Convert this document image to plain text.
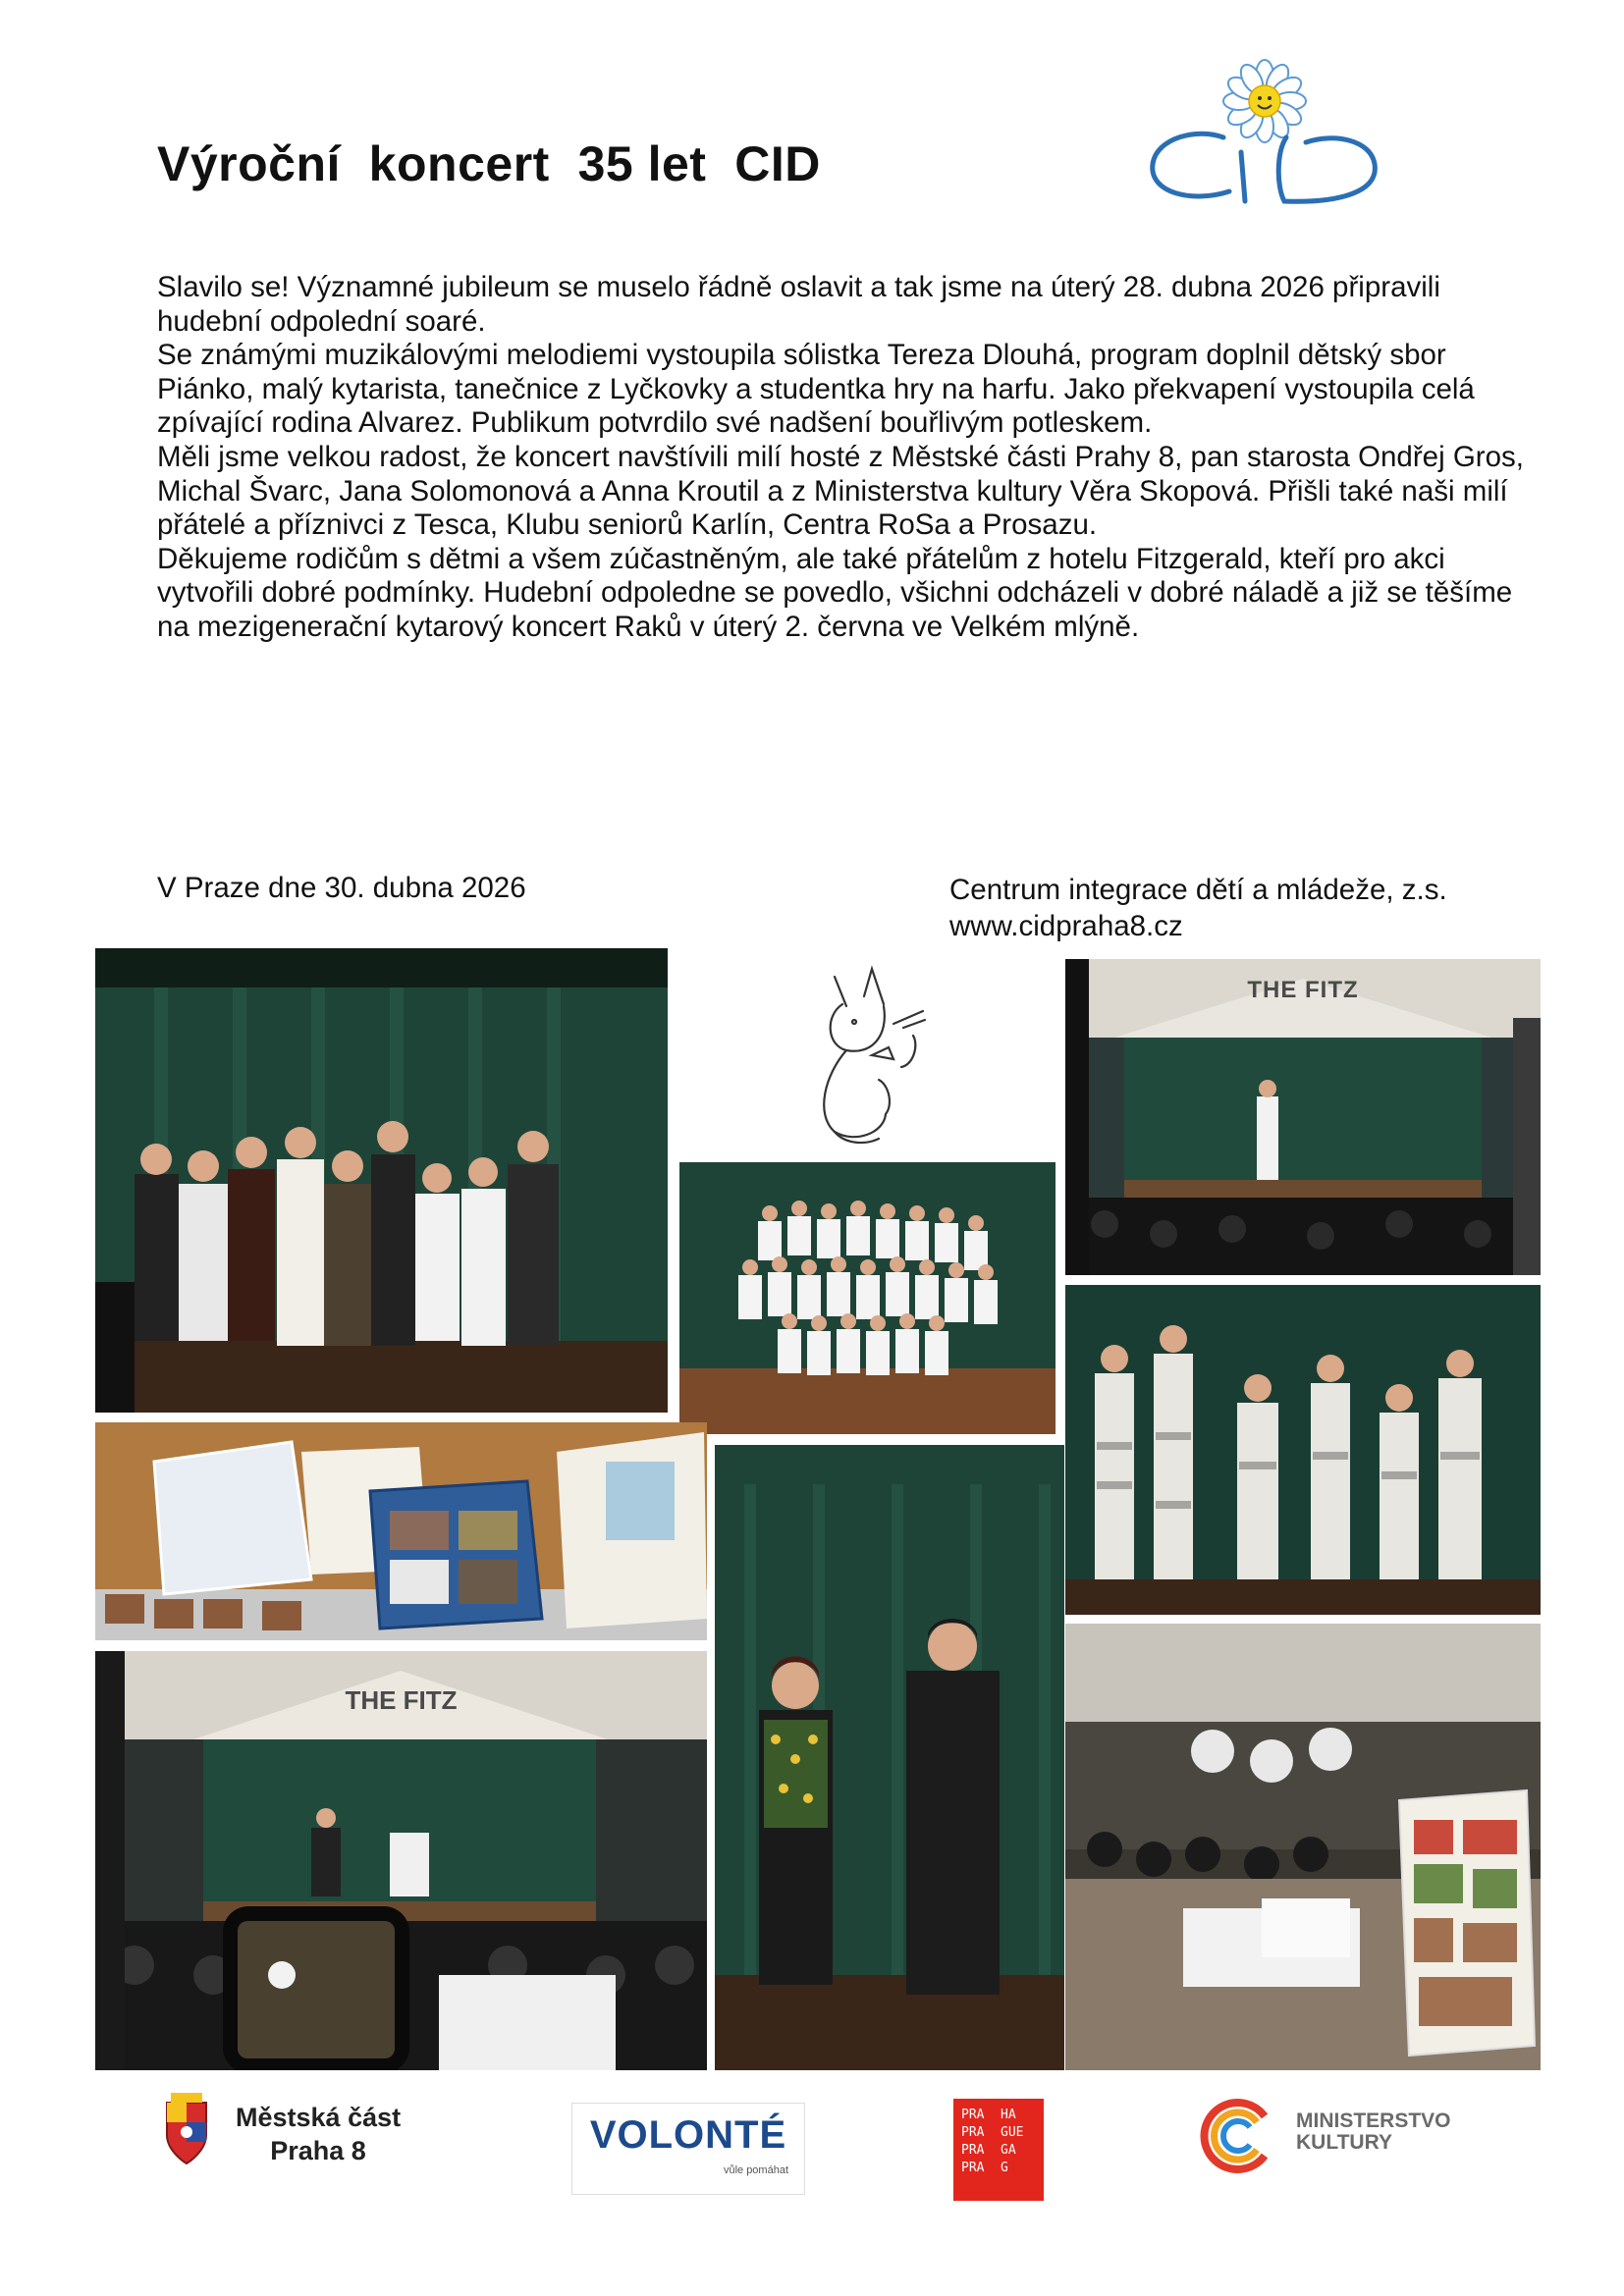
Výroční  koncert  35 let  CID

Slavilo se! Významné jubileum se muselo řádně oslavit a tak jsme na úterý 28. dubna 2026 připravili hudební odpolední soaré.

Se známými muzikálovými melodiemi vystoupila sólistka Tereza Dlouhá, program doplnil dětský sbor Piánko, malý kytarista, tanečnice z Lyčkovky a studentka hry na harfu. Jako překvapení vystoupila celá zpívající rodina Alvarez. Publikum potvrdilo své nadšení bouřlivým potleskem.

Měli jsme velkou radost, že koncert navštívili milí hosté z Městské části Prahy 8, pan starosta Ondřej Gros, Michal Švarc, Jana Solomonová a Anna Kroutil a z Ministerstva kultury Věra Skopová. Přišli také naši milí přátelé a příznivci z Tesca, Klubu seniorů Karlín, Centra RoSa a Prosazu.

Děkujeme rodičům s dětmi a všem zúčastněným, ale také přátelům z hotelu Fitzgerald, kteří pro akci vytvořili dobré podmínky. Hudební odpoledne se povedlo, všichni odcházeli v dobré náladě a již se těšíme na mezigenerační kytarový koncert Raků v úterý 2. června ve Velkém mlýně.

V Praze dne 30. dubna 2026	Centrum integrace dětí a mládeže, z.s.
www.cidpraha8.cz
THE FITZ
THE FITZ
Městská část
Praha 8	VOLONTÉ
vůle pomáhat
PRA
PRA
PRA
PRA
HA
GUE
GA
G
MINISTERSTVO
KULTURY
